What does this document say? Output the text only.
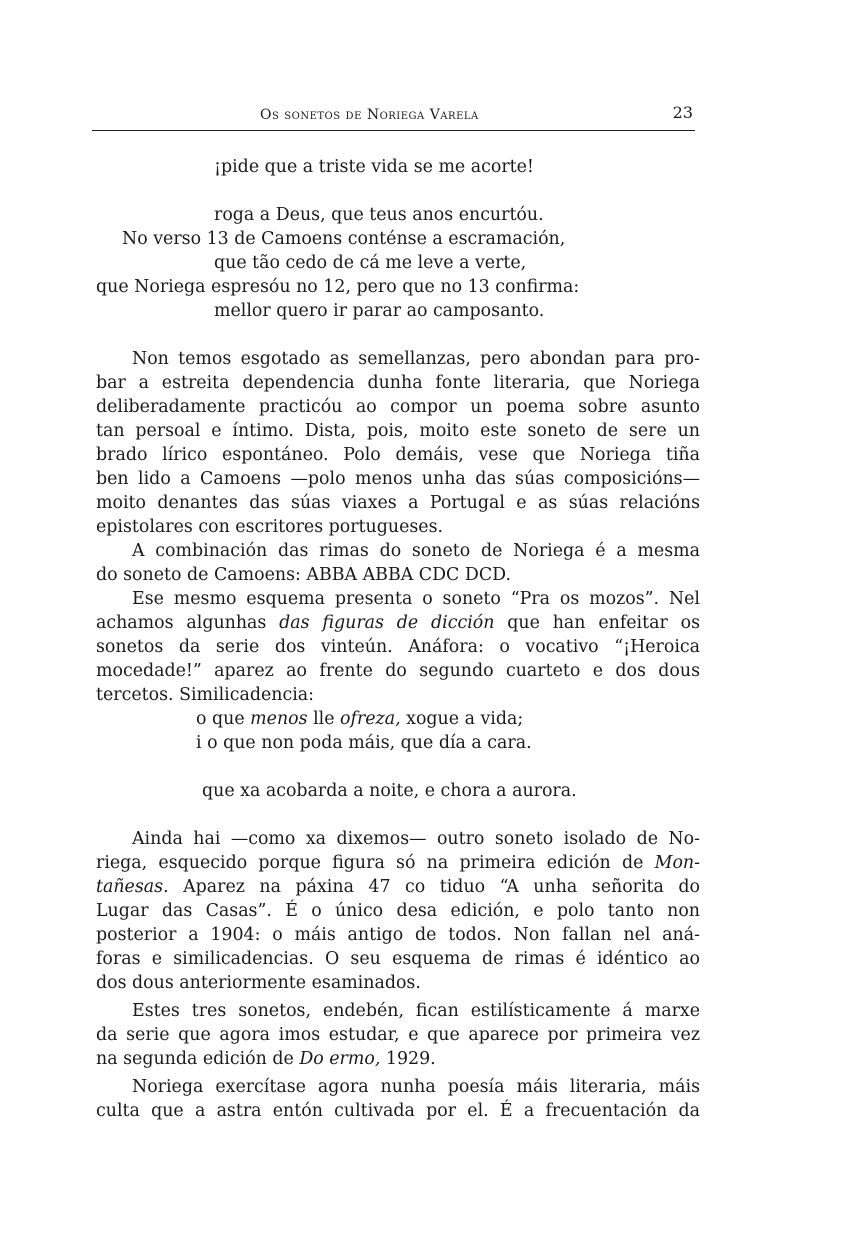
Os sonetos de Noriega Varela	23
¡pide que a triste vida se me acorte!
roga a Deus, que teus anos encurtóu.
No verso 13 de Camoens conténse a escramación,
que tão cedo de cá me leve a verte,
que Noriega espresóu no 12, pero que no 13 confirma:
mellor quero ir parar ao camposanto.
Non temos esgotado as semellanzas, pero abondan para pro-
bar a estreita dependencia dunha fonte literaria, que Noriega
deliberadamente practicóu ao compor un poema sobre asunto
tan persoal e íntimo. Dista, pois, moito este soneto de sere un
brado lírico espontáneo. Polo demáis, vese que Noriega tiña
ben lido a Camoens —polo menos unha das súas composicións—
moito denantes das súas viaxes a Portugal e as súas relacións
epistolares con escritores portugueses.
A combinación das rimas do soneto de Noriega é a mesma
do soneto de Camoens: ABBA ABBA CDC DCD.
Ese mesmo esquema presenta o soneto “Pra os mozos”. Nel
achamos algunhas das figuras de dicción que han enfeitar os
sonetos da serie dos vinteún. Anáfora: o vocativo “¡Heroica
mocedade!” aparez ao frente do segundo cuarteto e dos dous
tercetos. Similicadencia:
o que menos lle ofreza, xogue a vida;
i o que non poda máis, que día a cara.
que xa acobarda a noite, e chora a aurora.
Ainda hai —como xa dixemos— outro soneto isolado de No-
riega, esquecido porque figura só na primeira edición de Mon-
tañesas. Aparez na páxina 47 co tiduo “A unha señorita do
Lugar das Casas”. É o único desa edición, e polo tanto non
posterior a 1904: o máis antigo de todos. Non fallan nel aná-
foras e similicadencias. O seu esquema de rimas é idéntico ao
dos dous anteriormente esaminados.
Estes tres sonetos, endebén, fican estilísticamente á marxe
da serie que agora imos estudar, e que aparece por primeira vez
na segunda edición de Do ermo, 1929.
Noriega exercítase agora nunha poesía máis literaria, máis
culta que a astra entón cultivada por el. É a frecuentación da
